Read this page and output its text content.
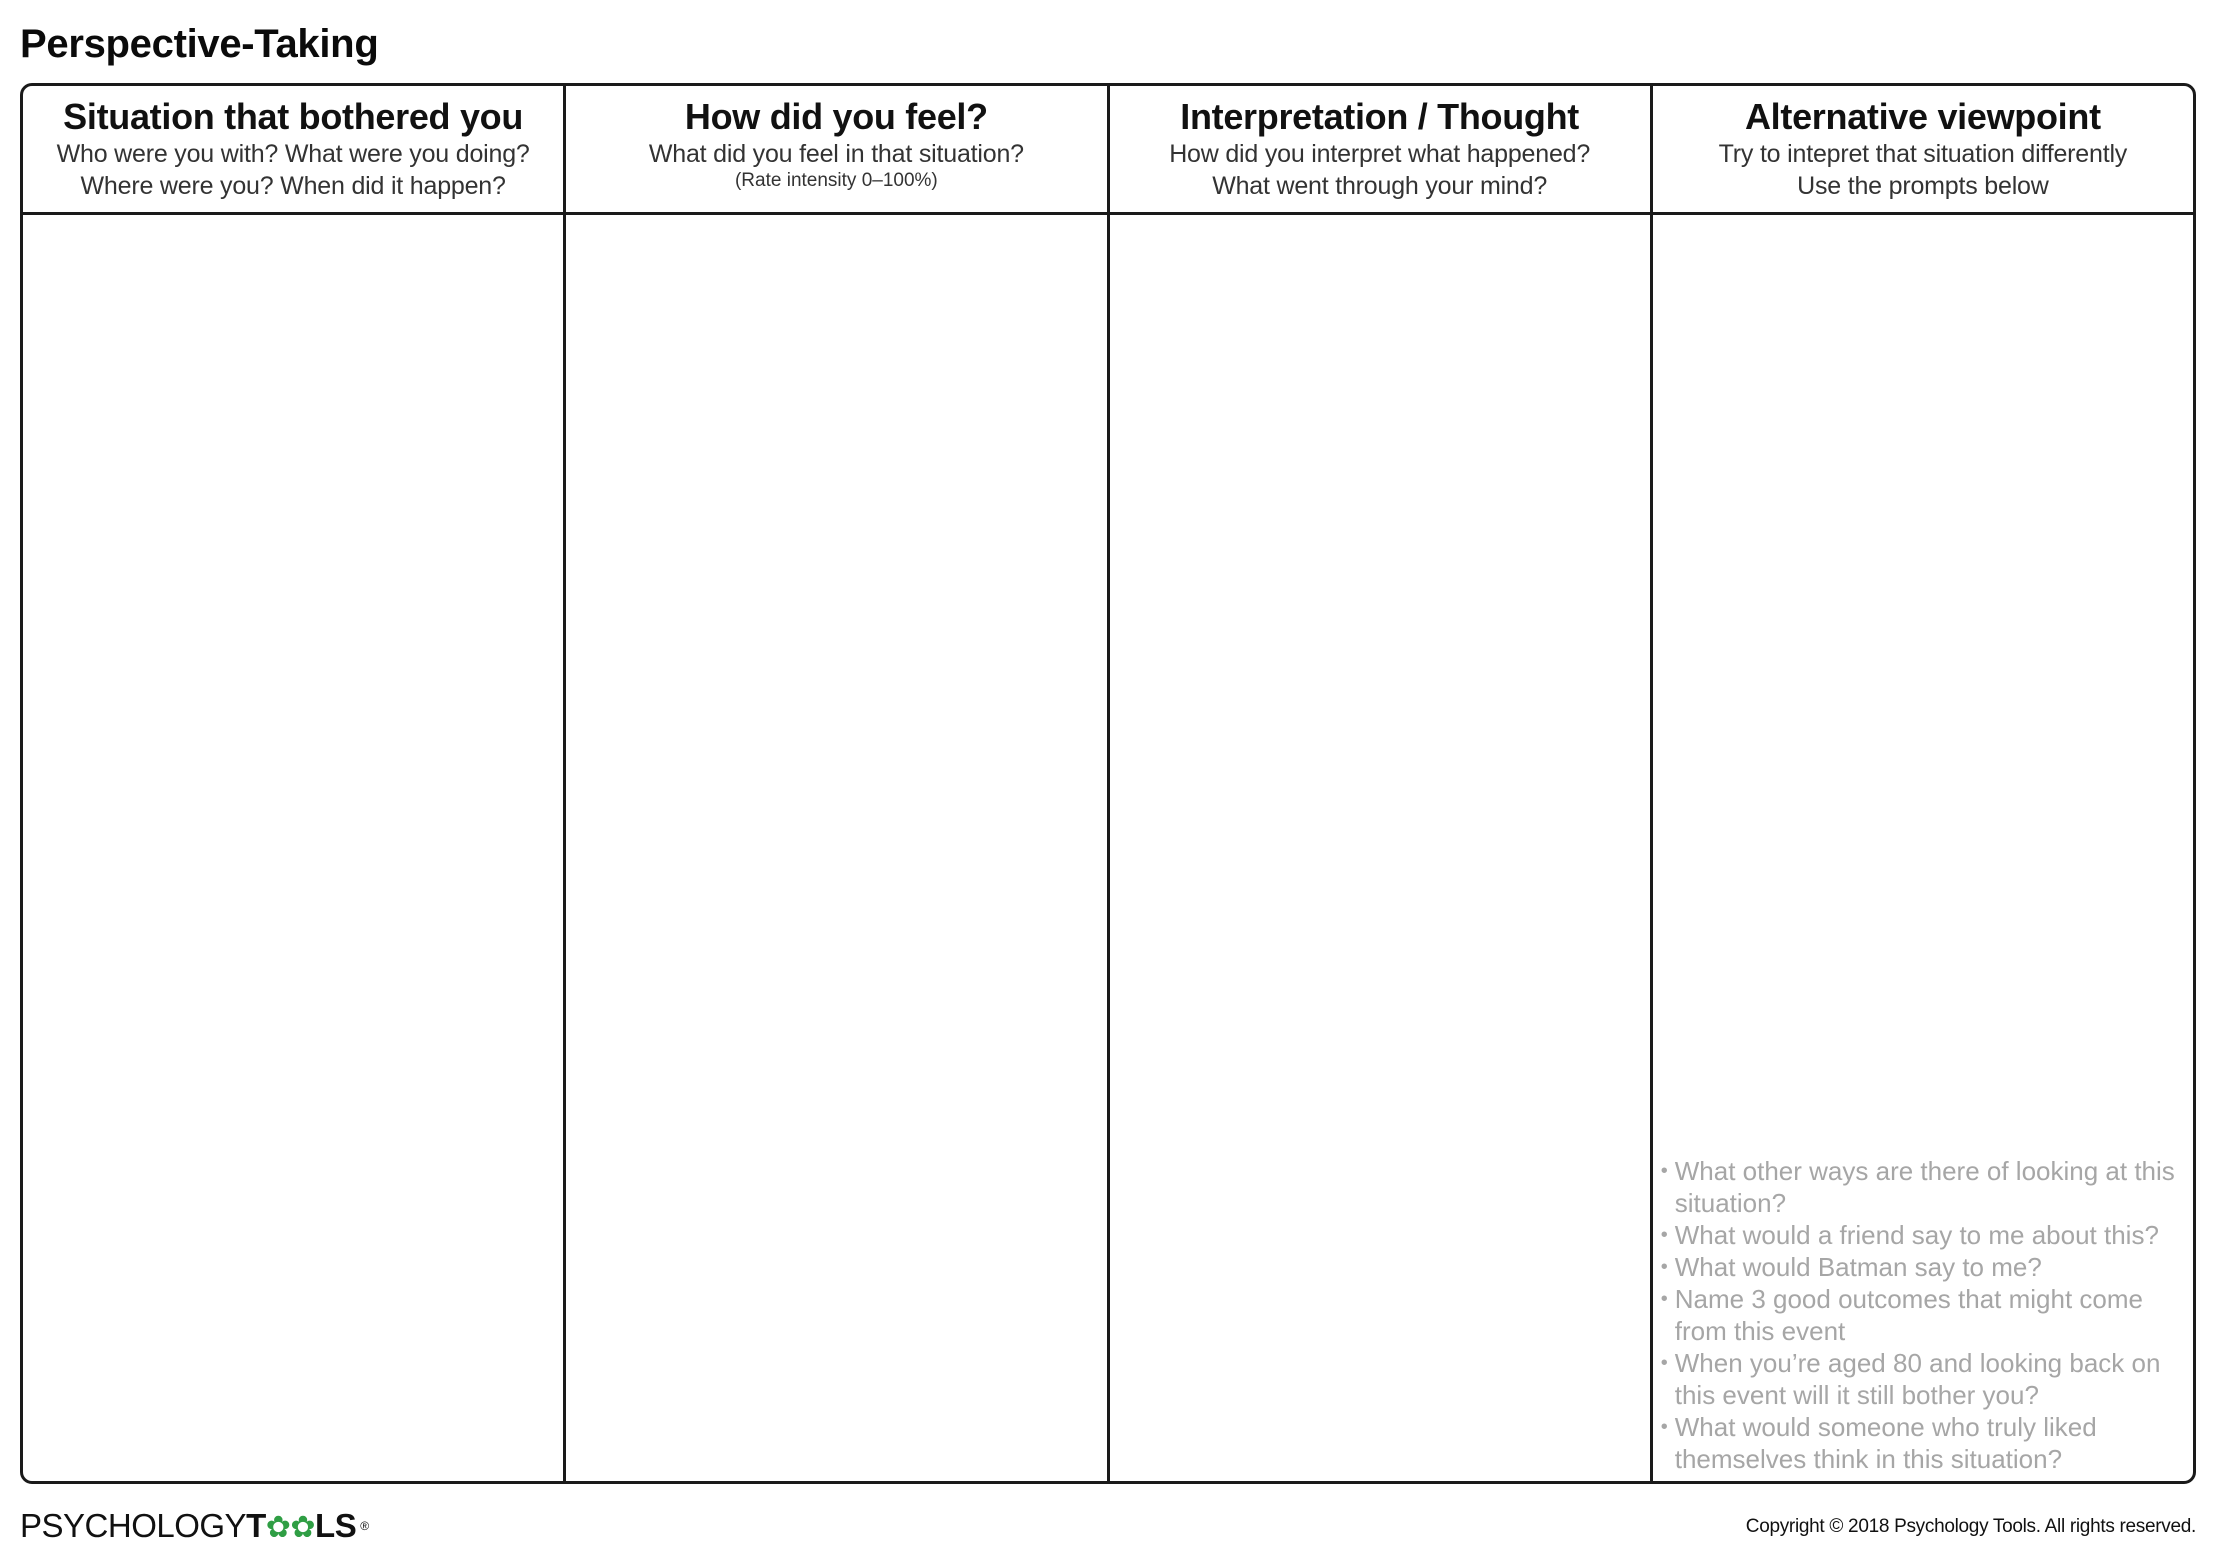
Perspective-Taking
Situation that bothered you
Who were you with? What were you doing?
Where were you? When did it happen?
How did you feel?
What did you feel in that situation?
(Rate intensity 0–100%)
Interpretation / Thought
How did you interpret what happened?
What went through your mind?
Alternative viewpoint
Try to intepret that situation differently
Use the prompts below
• What other ways are there of looking at this situation?
• What would a friend say to me about this?
• What would Batman say to me?
• Name 3 good outcomes that might come from this event
• When you’re aged 80 and looking back on this event will it still bother you?
• What would someone who truly liked themselves think in this situation?
PSYCHOLOGY T ✿ ✿ LS ®	Copyright © 2018 Psychology Tools. All rights reserved.
